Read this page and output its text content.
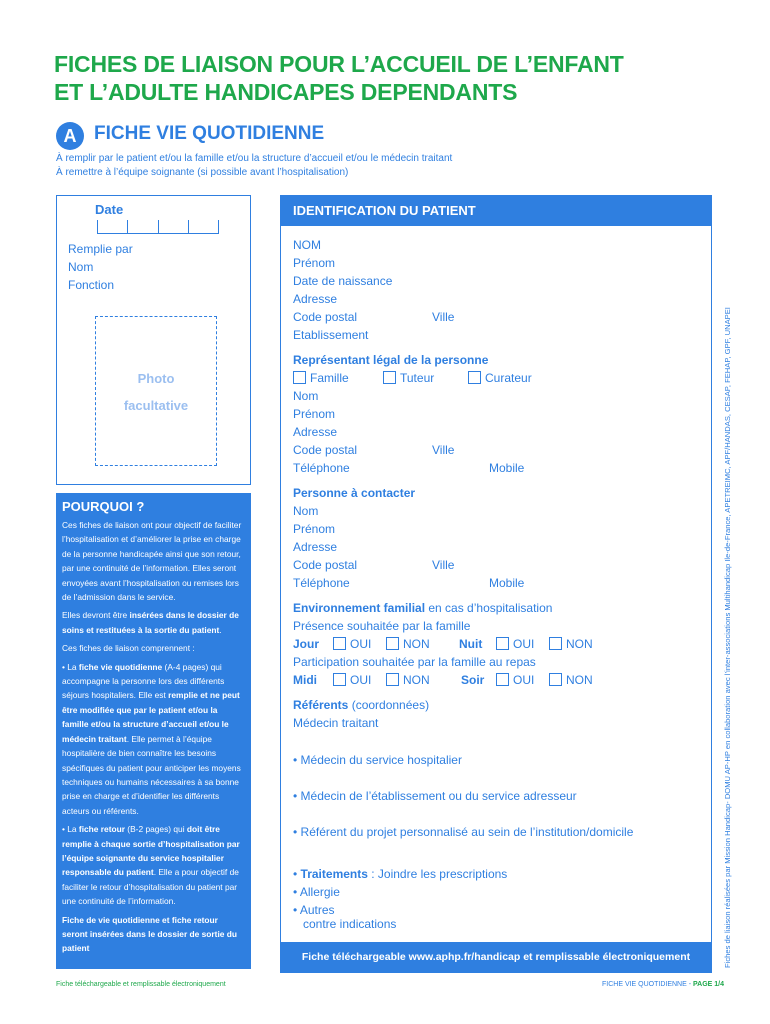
FICHES DE LIAISON POUR L’ACCUEIL DE L’ENFANT
ET L’ADULTE HANDICAPES DEPENDANTS
A FICHE VIE QUOTIDIENNE
À remplir par le patient et/ou la famille et/ou la structure d’accueil et/ou le médecin traitant
À remettre à l’équipe soignante (si possible avant l’hospitalisation)
Date
Remplie par
Nom
Fonction
Photo
facultative
POURQUOI ?

Ces fiches de liaison ont pour objectif de faciliter l’hospitalisation et d’améliorer la prise en charge de la personne handicapée ainsi que son retour, par une continuité de l’information. Elles seront envoyées avant l’hospitalisation ou remises lors de l’admission dans le service.

Elles devront être insérées dans le dossier de soins et restituées à la sortie du patient.

Ces fiches de liaison comprennent :

• La fiche vie quotidienne (A-4 pages) qui accompagne la personne lors des différents séjours hospitaliers. Elle est remplie et ne peut être modifiée que par le patient et/ou la famille et/ou la structure d’accueil et/ou le médecin traitant. Elle permet à l’équipe hospitalière de bien connaître les besoins spécifiques du patient pour anticiper les moyens techniques ou humains nécessaires à sa bonne prise en charge et d’identifier les différents acteurs ou référents.

• La fiche retour (B-2 pages) qui doit être remplie à chaque sortie d’hospitalisation par l’équipe soignante du service hospitalier responsable du patient. Elle a pour objectif de faciliter le retour d’hospitalisation du patient par une continuité de l’information.

Fiche de vie quotidienne et fiche retour seront insérées dans le dossier de sortie du patient

IDENTIFICATION DU PATIENT
NOM
Prénom
Date de naissance
Adresse
Code postal	Ville
Etablissement
Représentant légal de la personne
Famille	Tuteur	Curateur
Nom
Prénom
Adresse
Code postal	Ville
Téléphone	Mobile
Personne à contacter
Nom
Prénom
Adresse
Code postal	Ville
Téléphone	Mobile
Environnement familial en cas d’hospitalisation
Présence souhaitée par la famille
Jour	OUI	NON Nuit	OUI	NON
Participation souhaitée par la famille au repas
Midi	OUI	NON	Soir	OUI	NON
Référents (coordonnées)
Médecin traitant
• Médecin du service hospitalier
• Médecin de l’établissement ou du service adresseur
• Référent du projet personnalisé au sein de l’institution/domicile
• Traitements : Joindre les prescriptions
• Allergie
• Autres
contre indications
Fiche téléchargeable www.aphp.fr/handicap et remplissable électroniquement	Fiches de liaison réalisées par Mission Handicap- DOMU AP-HP en collaboration avec l’inter-associations Multihandicap Ile-de-France, APETREIMC, APF/HANDAS, CESAP, FEHAP, GPF, UNAPEI
Fiche téléchargeable et remplissable électroniquement	FICHE VIE QUOTIDIENNE - PAGE 1/4
